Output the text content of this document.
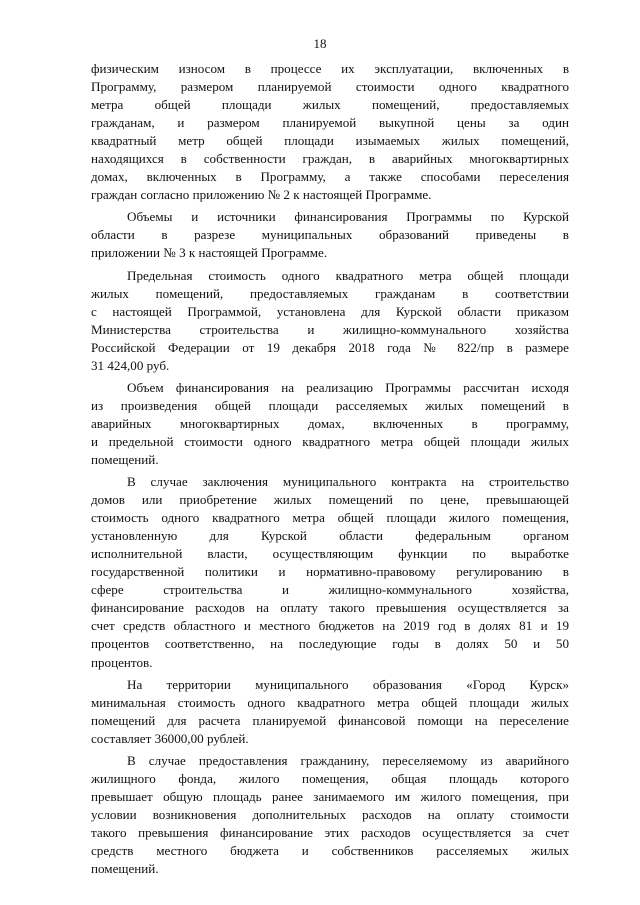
18
физическим износом в процессе их эксплуатации, включенных в
Программу, размером планируемой стоимости одного квадратного
метра общей площади жилых помещений, предоставляемых
гражданам, и размером планируемой выкупной цены за один
квадратный метр общей площади изымаемых жилых помещений,
находящихся в собственности граждан, в аварийных многоквартирных
домах, включенных в Программу, а также способами переселения
граждан согласно приложению № 2 к настоящей Программе.
Объемы и источники финансирования Программы по Курской
области в разрезе муниципальных образований приведены в
приложении № 3 к настоящей Программе.
Предельная стоимость одного квадратного метра общей площади
жилых помещений, предоставляемых гражданам в соответствии
с настоящей Программой, установлена для Курской области приказом
Министерства строительства и жилищно-коммунального хозяйства
Российской Федерации от 19 декабря 2018 года № 822/пр в размере
31 424,00 руб.
Объем финансирования на реализацию Программы рассчитан исходя
из произведения общей площади расселяемых жилых помещений в
аварийных многоквартирных домах, включенных в программу,
и предельной стоимости одного квадратного метра общей площади жилых
помещений.
В случае заключения муниципального контракта на строительство
домов или приобретение жилых помещений по цене, превышающей
стоимость одного квадратного метра общей площади жилого помещения,
установленную для Курской области федеральным органом
исполнительной власти, осуществляющим функции по выработке
государственной политики и нормативно-правовому регулированию в
сфере строительства и жилищно-коммунального хозяйства,
финансирование расходов на оплату такого превышения осуществляется за
счет средств областного и местного бюджетов на 2019 год в долях 81 и 19
процентов соответственно, на последующие годы в долях 50 и 50
процентов.
На территории муниципального образования «Город Курск»
минимальная стоимость одного квадратного метра общей площади жилых
помещений для расчета планируемой финансовой помощи на переселение
составляет 36000,00 рублей.
В случае предоставления гражданину, переселяемому из аварийного
жилищного фонда, жилого помещения, общая площадь которого
превышает общую площадь ранее занимаемого им жилого помещения, при
условии возникновения дополнительных расходов на оплату стоимости
такого превышения финансирование этих расходов осуществляется за счет
средств местного бюджета и собственников расселяемых жилых
помещений.
